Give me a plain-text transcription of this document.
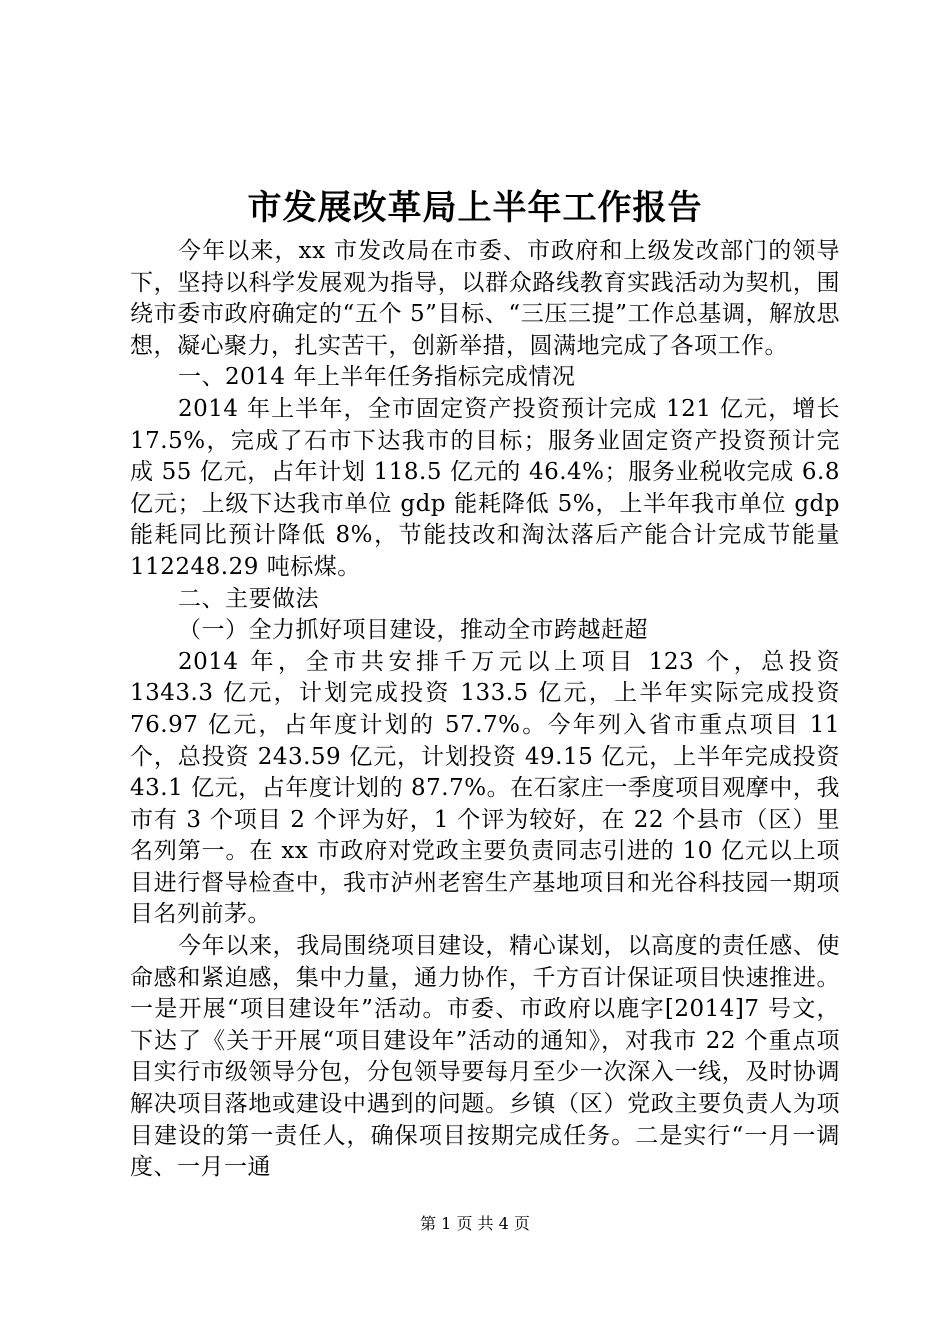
市发展改革局上半年工作报告

今年以来，xx 市发改局在市委、市政府和上级发改部门的领导下，坚持以科学发展观为指导，以群众路线教育实践活动为契机，围绕市委市政府确定的“五个 5”目标、“三压三提”工作总基调，解放思想，凝心聚力，扎实苦干，创新举措，圆满地完成了各项工作。

一、2014 年上半年任务指标完成情况

2014 年上半年，全市固定资产投资预计完成 121 亿元，增长 17.5%，完成了石市下达我市的目标；服务业固定资产投资预计完成 55 亿元，占年计划 118.5 亿元的 46.4%；服务业税收完成 6.8 亿元；上级下达我市单位 gdp 能耗降低 5%，上半年我市单位 gdp 能耗同比预计降低 8%，节能技改和淘汰落后产能合计完成节能量 112248.29 吨标煤。

二、主要做法

（一）全力抓好项目建设，推动全市跨越赶超

2014 年，全市共安排千万元以上项目 123 个，总投资 1343.3 亿元，计划完成投资 133.5 亿元，上半年实际完成投资 76.97 亿元，占年度计划的 57.7%。今年列入省市重点项目 11 个，总投资 243.59 亿元，计划投资 49.15 亿元，上半年完成投资 43.1 亿元，占年度计划的 87.7%。在石家庄一季度项目观摩中，我市有 3 个项目 2 个评为好，1 个评为较好，在 22 个县市（区）里名列第一。在 xx 市政府对党政主要负责同志引进的 10 亿元以上项目进行督导检查中，我市泸州老窖生产基地项目和光谷科技园一期项目名列前茅。

今年以来，我局围绕项目建设，精心谋划，以高度的责任感、使命感和紧迫感，集中力量，通力协作，千方百计保证项目快速推进。一是开展“项目建设年”活动。市委、市政府以鹿字[2014]7 号文，下达了《关于开展“项目建设年”活动的通知》，对我市 22 个重点项目实行市级领导分包，分包领导要每月至少一次深入一线，及时协调解决项目落地或建设中遇到的问题。乡镇（区）党政主要负责人为项目建设的第一责任人，确保项目按期完成任务。二是实行“一月一调度、一月一通

第 1 页 共 4 页
